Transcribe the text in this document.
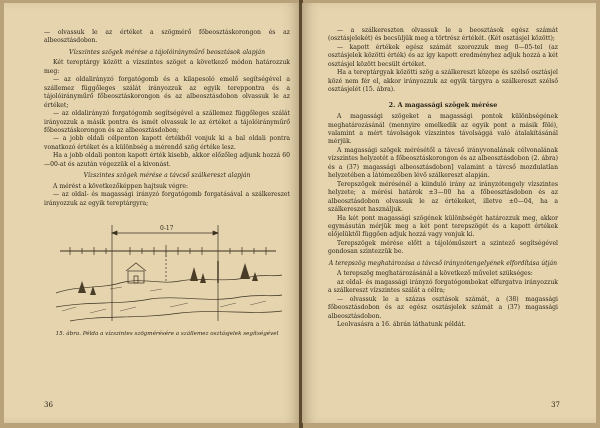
— olvassuk le az értéket a szögmérő főbeosztáskorongon és az albeosztásdobon.

Vízszintes szögek mérése a tájolóirányműrő beosztások alapján

Két tereptárgy között a vízszintes szöget a következő módon határozzuk meg:

— az oldalirányzó forgatógomb és a kilapesoló emelő segítségével a szállemez függőleges szálát irányozzuk az egyik tereppontra és a tájolóirányműrő főbeosztáskorongon és az albeosztásdobon olvassuk le az értéket;

— az oldalirányzó forgatógomb segítségével a szállemez függőleges szálát irányozzuk a másik pontra és ismét olvassuk le az értéket a tájolóirányműrő főbeosztáskorongon és az albeosztásdobon;

— a jobb oldali célponton kapott értékből vonjuk ki a bal oldali pontra vonatkozó értéket és a különbség a mérendő szög értéke lesz.

Ha a jobb oldali ponton kapott érték kisebb, akkor előzőleg adjunk hozzá 60—00-at és azután végezzük el a kivonást.

Vízszintes szögek mérése a távcső szálkereszt alapján

A mérést a következőképpen hajtsuk végre:

— az oldal- és magassági irányzó forgatógomb forgatásával a szálkereszet irányozzuk az egyik tereptárgyra;

0-17

15. ábra. Példa a vízszintes szögmérésére a szállemez osztásjelek segítségével

36

— a szálkereszten olvassuk le a beosztások egész számát (osztásjelekét) és becsüljük meg a törtrész értékét. (Két osztásjel között);

— kapott értékek egész számát szorozzuk meg 0—05-tel (az osztásjelek közötti érték) és az így kapott eredményhez adjuk hozzá a két osztásjel között becsült értéket.

Ha a tereptárgyak közötti szög a szálkereszt közepe és szélső osztásjel közé nem fér el, akkor irányozzuk az egyik tárgyra a szálkereszt szélső osztásjelét (15. ábra).

2. A magassági szögek mérése

A magassági szögeket a magassági pontok különbségének meghatározásánál (mennyire emelkedik az egyik pont a másik fölé), valamint a mért távolságok vízszintes távolsággá való átalakításánál mérjük.

A magassági szögek mérésétől a távcső irányvonalának célvonalának vízszintes helyzetét a főbeosztáskorongon és az albeosztásdobon (2. ábra) és a (37) magassági albeosztásdobon] valamint a távcső mozdulatlan helyzetében a látómezőben lévő szálkereszt alapján.

Terepszögek mérésénél a kiinduló irány az irányzótengely vízszintes helyzete; a mérési határok ±3—00 ha a főbeosztásdobon és az albeosztásdobon olvassuk le az értékeket, illetve ±0—04, ha a szálkereszet használjuk.

Ha két pont magassági szögének különbségét határozzuk meg, akkor egymásután mérjük meg a két pont terepszögét és a kapott értékek előjelüktől függően adjuk hozzá vagy vonjuk ki.

Terepszögek mérése előtt a tájolóműszert a szintező segítségével gondosan szintezzük be.

A terepszög meghatározása a távcső irányzótengelyének elfordítása útján

A terepszög meghatározásánál a következő művelet szükséges:

az oldal- és magassági irányzó forgatógombokat elfurgatva irányozzuk a szálkereszt vízszintes szálát a célra;

— olvassuk le a százas osztások számát, a (38) magassági főbeosztásdobon és az egész osztásjelek számát a (37) magassági albeosztásdobon.

Leolvasásra a 16. ábrán láthatunk példát.

37
